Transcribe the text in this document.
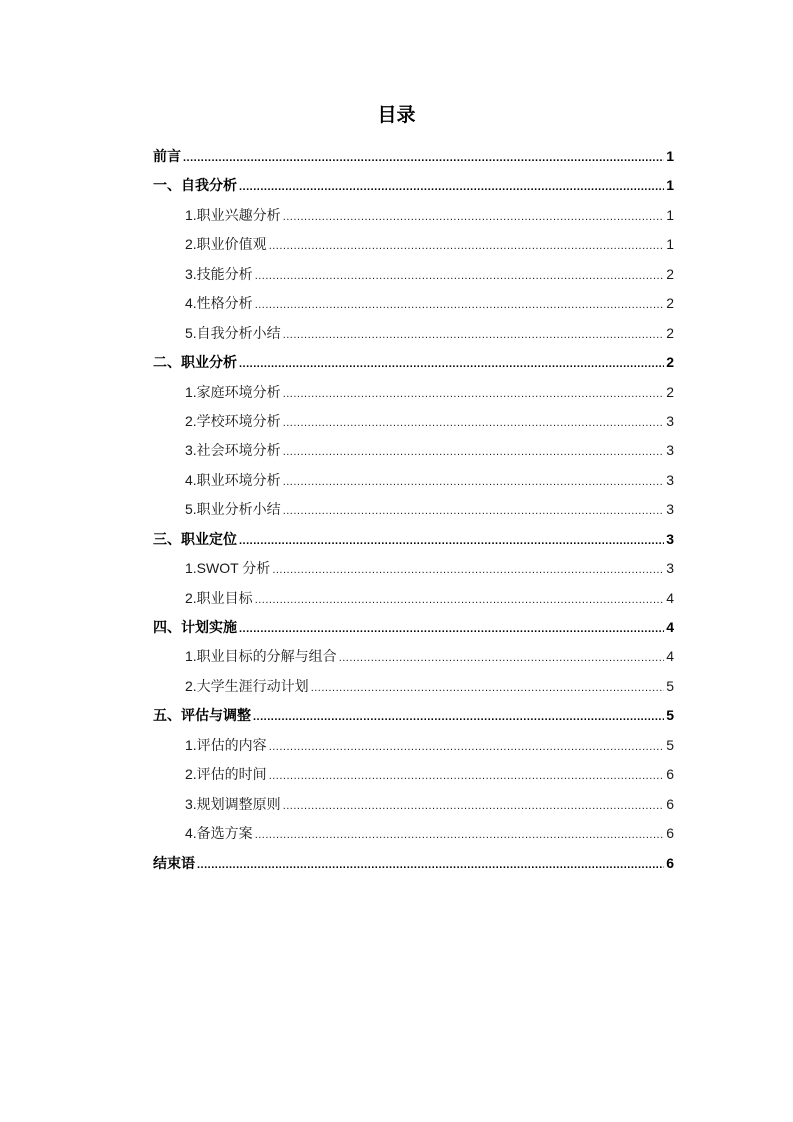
目录
前言 .....	1
一、自我分析 .....	1
1.职业兴趣分析 .....	1
2.职业价值观 .....	1
3.技能分析 .....	2
4.性格分析 .....	2
5.自我分析小结 .....	2
二、职业分析 .....	2
1.家庭环境分析 .....	2
2.学校环境分析 .....	3
3.社会环境分析 .....	3
4.职业环境分析 .....	3
5.职业分析小结 .....	3
三、职业定位 .....	3
1.SWOT 分析 .....	3
2.职业目标 .....	4
四、计划实施 .....	4
1.职业目标的分解与组合 .....	4
2.大学生涯行动计划 .....	5
五、评估与调整 .....	5
1.评估的内容 .....	5
2.评估的时间 .....	6
3.规划调整原则 .....	6
4.备选方案 .....	6
结束语 .....	6
